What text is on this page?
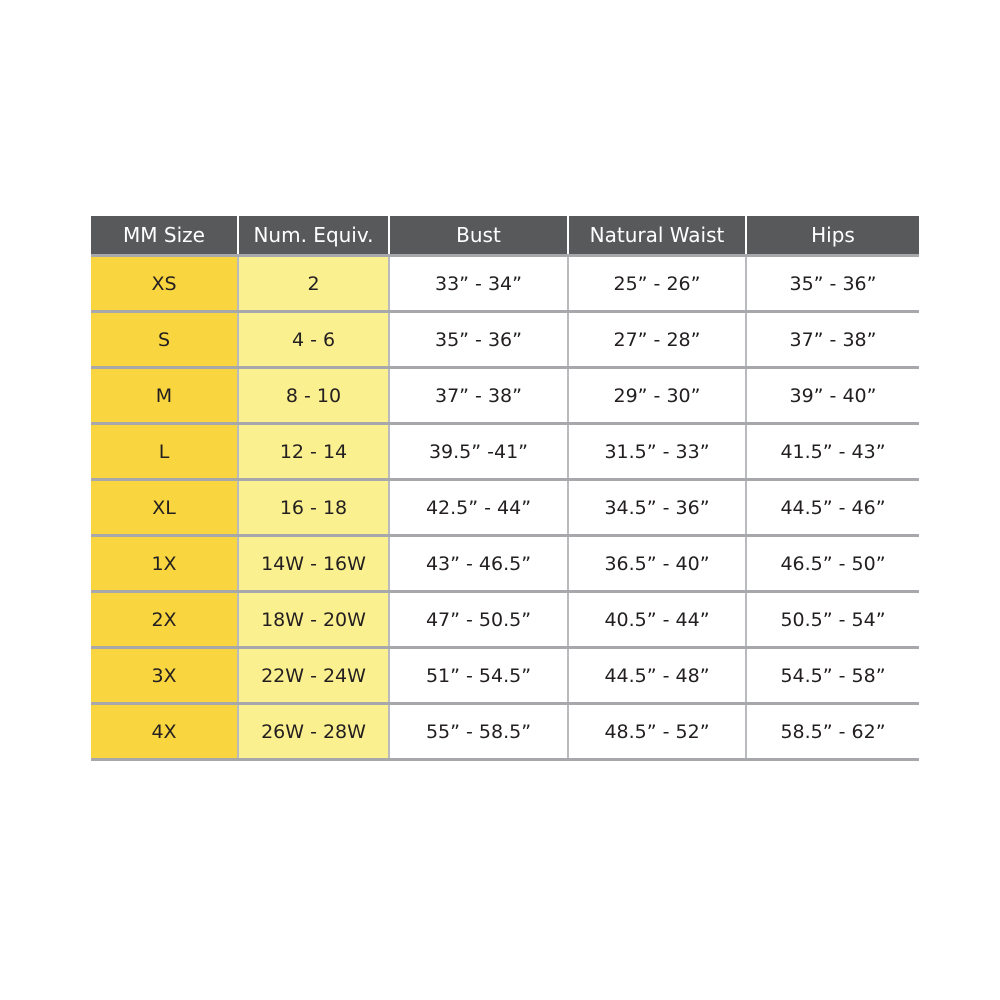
MM Size	Num. Equiv.	Bust	Natural Waist	Hips
XS	2	33” - 34”	25” - 26”	35” - 36”
S	4 - 6	35” - 36”	27” - 28”	37” - 38”
M	8 - 10	37” - 38”	29” - 30”	39” - 40”
L	12 - 14	39.5” -41”	31.5” - 33”	41.5” - 43”
XL	16 - 18	42.5” - 44”	34.5” - 36”	44.5” - 46”
1X	14W - 16W	43” - 46.5”	36.5” - 40”	46.5” - 50”
2X	18W - 20W	47” - 50.5”	40.5” - 44”	50.5” - 54”
3X	22W - 24W	51” - 54.5”	44.5” - 48”	54.5” - 58”
4X	26W - 28W	55” - 58.5”	48.5” - 52”	58.5” - 62”
